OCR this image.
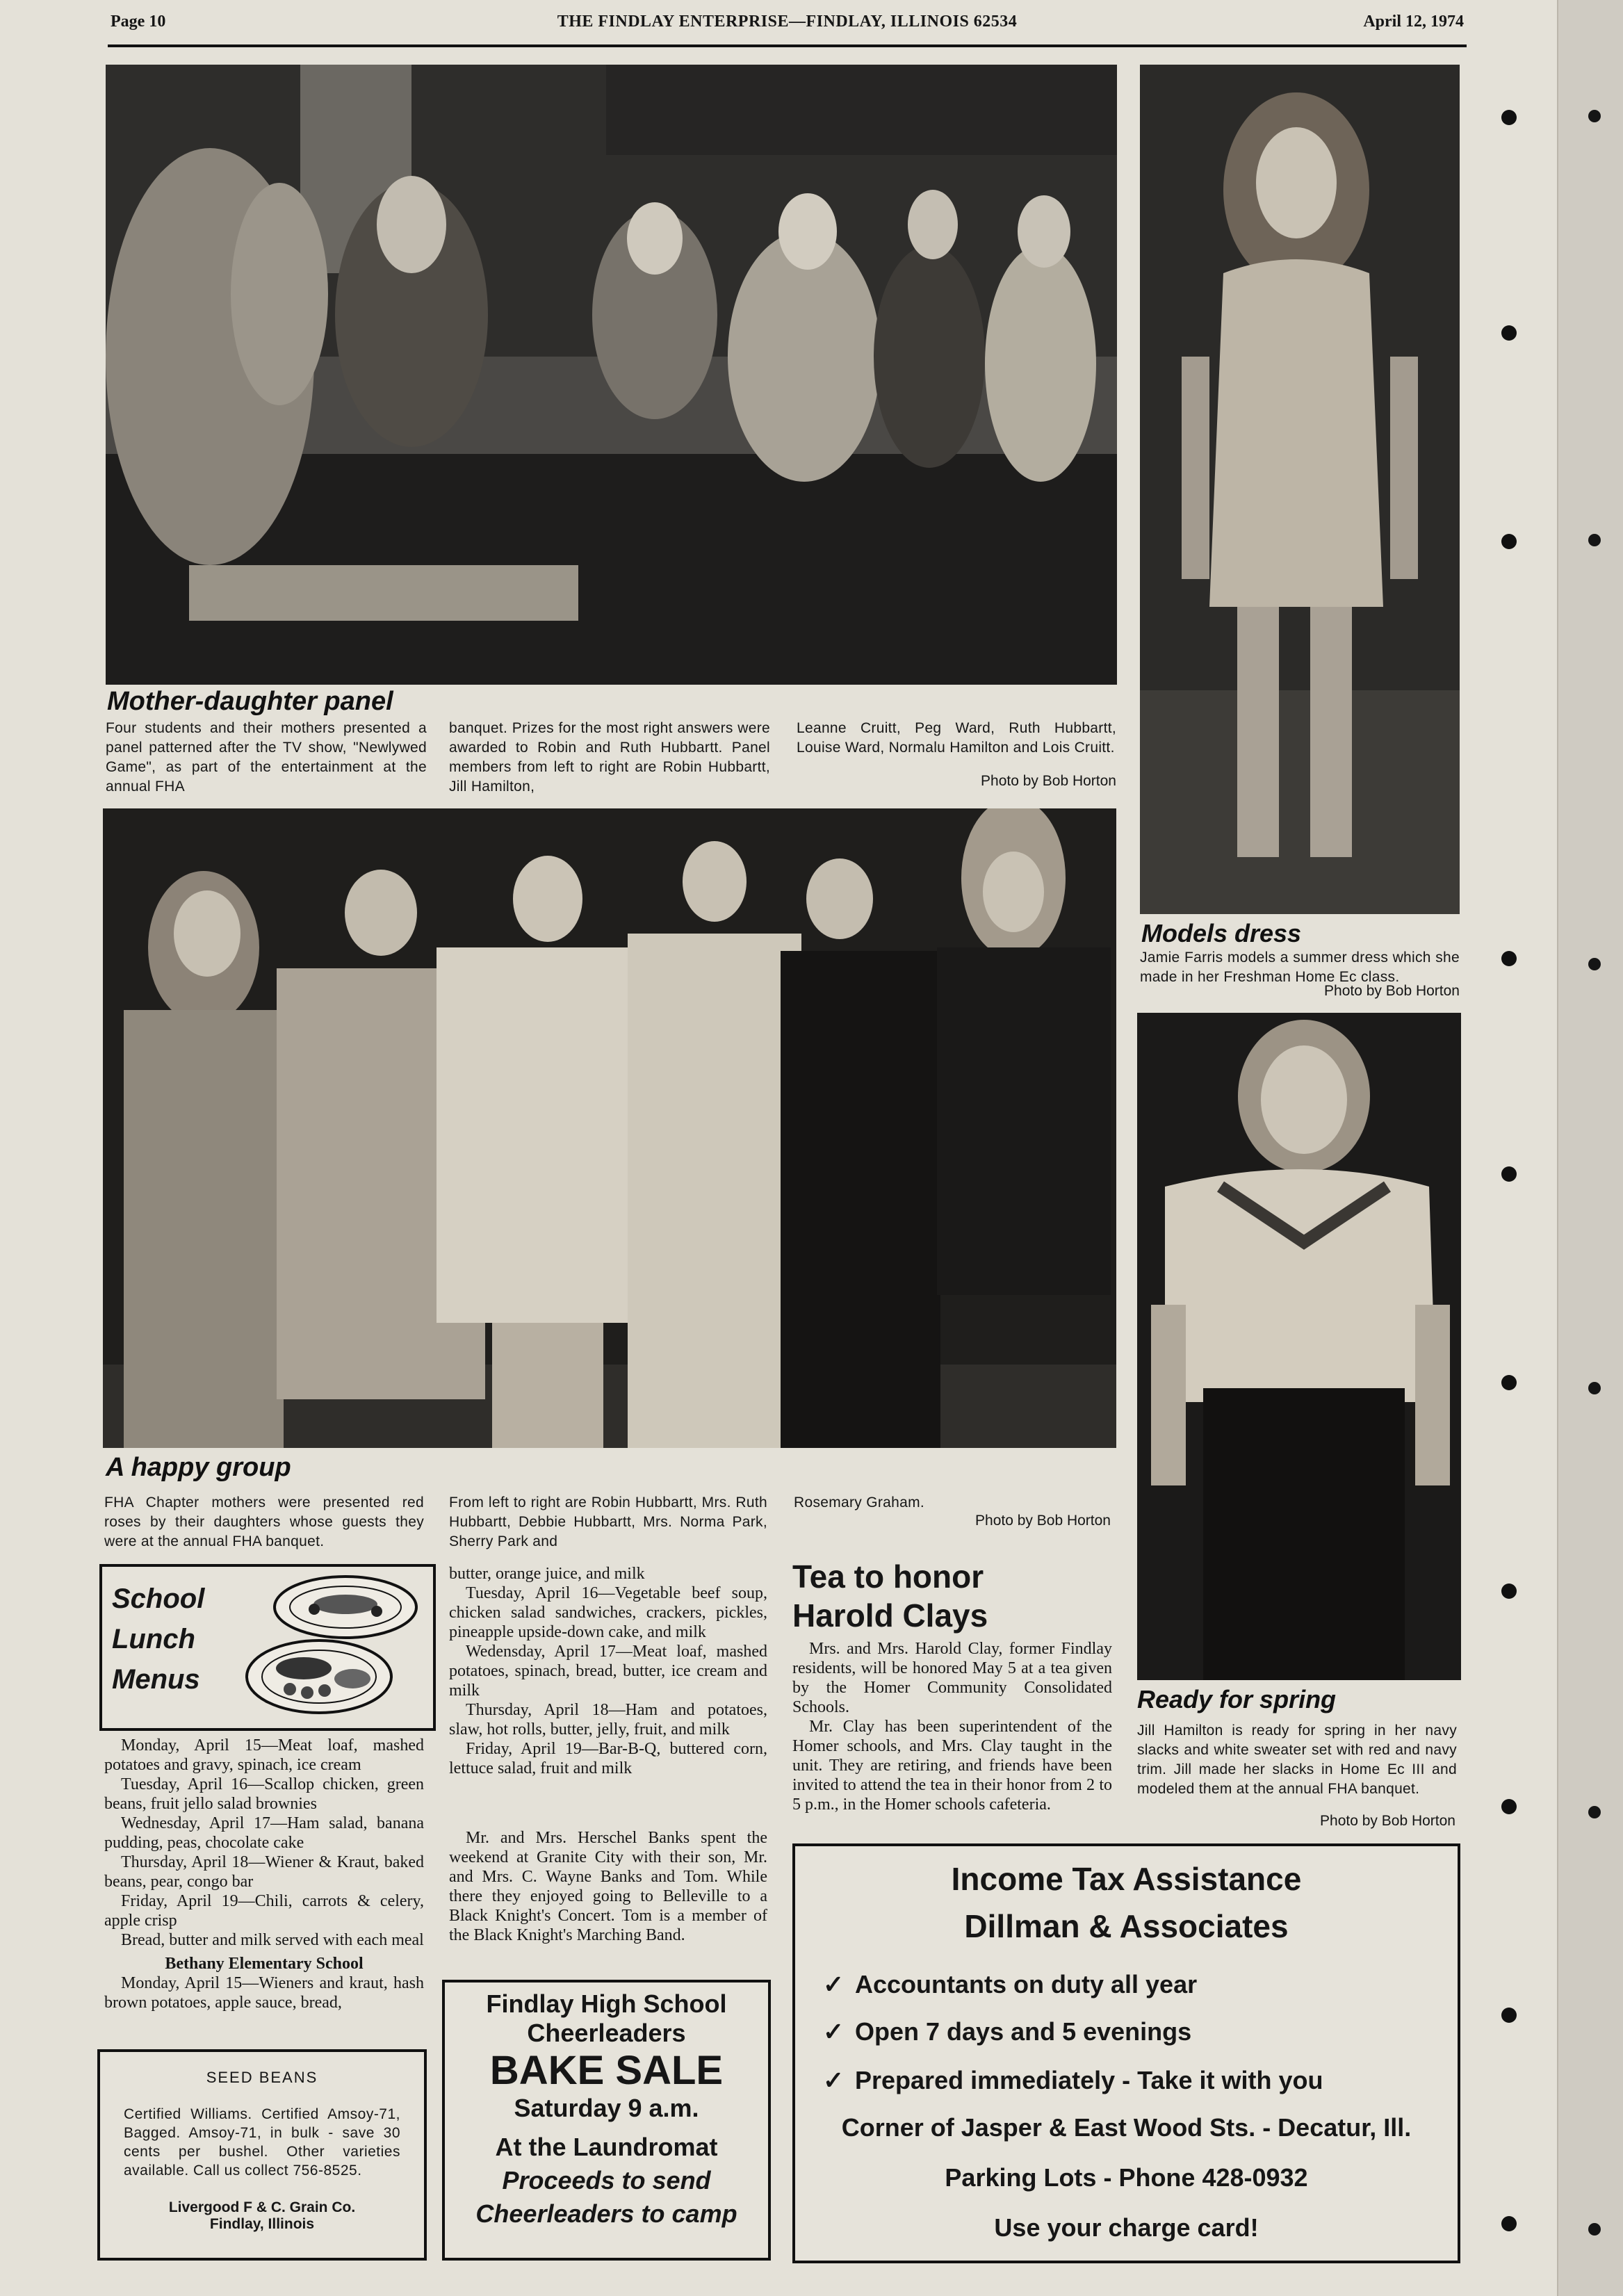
Page 10	THE FINDLAY ENTERPRISE—FINDLAY, ILLINOIS 62534	April 12, 1974
Mother-daughter panel
Four students and their mothers presented a panel patterned after the TV show, "Newlywed Game", as part of the entertainment at the annual FHA
banquet. Prizes for the most right answers were awarded to Robin and Ruth Hubbartt. Panel members from left to right are Robin Hubbartt, Jill Hamilton,
Leanne Cruitt, Peg Ward, Ruth Hubbartt, Louise Ward, Normalu Hamilton and Lois Cruitt.
Photo by Bob Horton
Models dress
Jamie Farris models a summer dress which she made in her Freshman Home Ec class.
Photo by Bob Horton
A happy group
FHA Chapter mothers were presented red roses by their daughters whose guests they were at the annual FHA banquet.
From left to right are Robin Hubbartt, Mrs. Ruth Hubbartt, Debbie Hubbartt, Mrs. Norma Park, Sherry Park and
Rosemary Graham.
Photo by Bob Horton
Ready for spring
Jill Hamilton is ready for spring in her navy slacks and white sweater set with red and navy trim. Jill made her slacks in Home Ec III and modeled them at the annual FHA banquet.
Photo by Bob Horton
School
Lunch
Menus

Monday, April 15—Meat loaf, mashed potatoes and gravy, spinach, ice cream

Tuesday, April 16—Scallop chicken, green beans, fruit jello salad brownies

Wednesday, April 17—Ham salad, banana pudding, peas, chocolate cake

Thursday, April 18—Wiener & Kraut, baked beans, pear, congo bar

Friday, April 19—Chili, carrots & celery, apple crisp

Bread, butter and milk served with each meal

Bethany Elementary School

Monday, April 15—Wieners and kraut, hash brown potatoes, apple sauce, bread,

butter, orange juice, and milk

Tuesday, April 16—Vegetable beef soup, chicken salad sandwiches, crackers, pickles, pineapple upside-down cake, and milk

Wedensday, April 17—Meat loaf, mashed potatoes, spinach, bread, butter, ice cream and milk

Thursday, April 18—Ham and potatoes, slaw, hot rolls, butter, jelly, fruit, and milk

Friday, April 19—Bar-B-Q, buttered corn, lettuce salad, fruit and milk

Mr. and Mrs. Herschel Banks spent the weekend at Granite City with their son, Mr. and Mrs. C. Wayne Banks and Tom. While there they enjoyed going to Belleville to a Black Knight's Concert. Tom is a member of the Black Knight's Marching Band.

Tea to honor
Harold Clays

Mrs. and Mrs. Harold Clay, former Findlay residents, will be honored May 5 at a tea given by the Homer Community Consolidated Schools.

Mr. Clay has been superintendent of the Homer schools, and Mrs. Clay taught in the unit. They are retiring, and friends have been invited to attend the tea in their honor from 2 to 5 p.m., in the Homer schools cafeteria.

SEED BEANS
Certified Williams. Certified Amsoy-71, Bagged. Amsoy-71, in bulk - save 30 cents per bushel. Other varieties available. Call us collect 756-8525.
Livergood F & C. Grain Co.
Findlay, Illinois
Findlay High School
Cheerleaders
BAKE SALE
Saturday 9 a.m.
At the Laundromat
Proceeds to send
Cheerleaders to camp
Income Tax Assistance
Dillman & Associates
✓ Accountants on duty all year
✓ Open 7 days and 5 evenings
✓ Prepared immediately - Take it with you
Corner of Jasper & East Wood Sts. - Decatur, Ill.
Parking Lots - Phone 428-0932
Use your charge card!
